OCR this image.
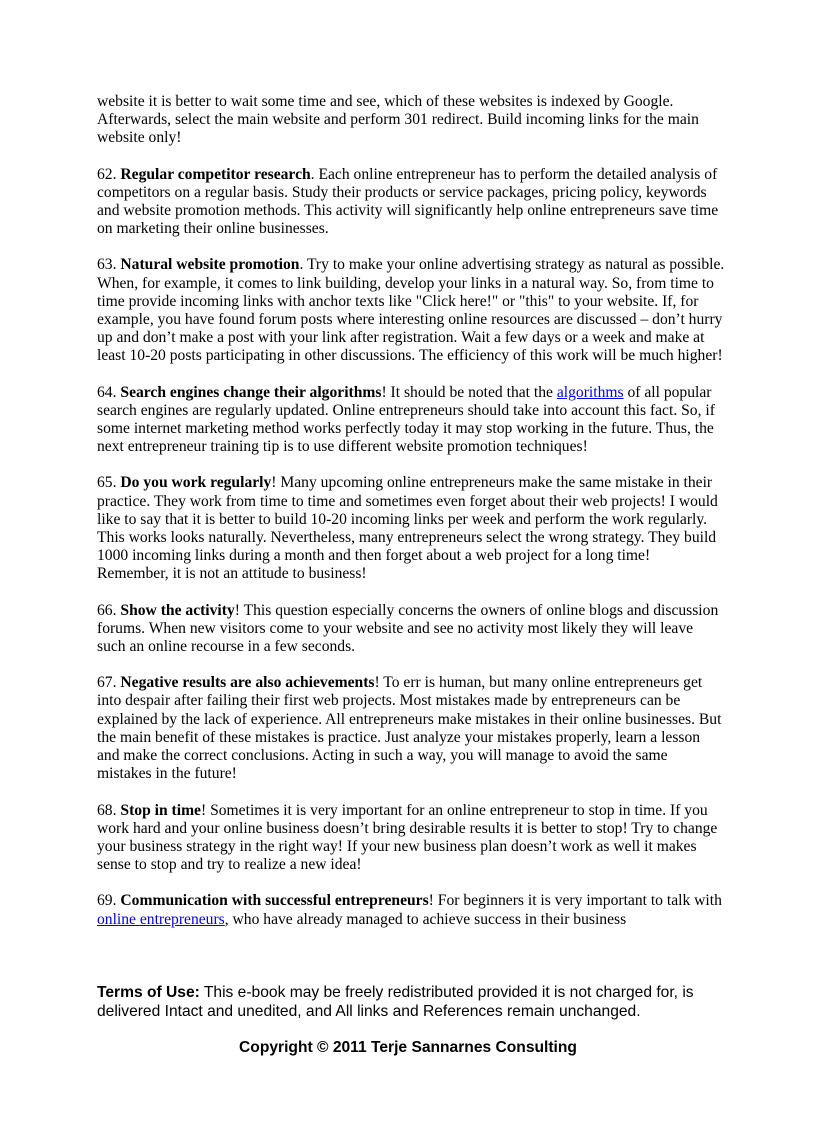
website it is better to wait some time and see, which of these websites is indexed by Google. Afterwards, select the main website and perform 301 redirect. Build incoming links for the main website only!

62. Regular competitor research. Each online entrepreneur has to perform the detailed analysis of competitors on a regular basis. Study their products or service packages, pricing policy, keywords and website promotion methods. This activity will significantly help online entrepreneurs save time on marketing their online businesses.

63. Natural website promotion. Try to make your online advertising strategy as natural as possible. When, for example, it comes to link building, develop your links in a natural way. So, from time to time provide incoming links with anchor texts like "Click here!" or "this" to your website. If, for example, you have found forum posts where interesting online resources are discussed – don’t hurry up and don’t make a post with your link after registration. Wait a few days or a week and make at least 10-20 posts participating in other discussions. The efficiency of this work will be much higher!

64. Search engines change their algorithms! It should be noted that the algorithms of all popular search engines are regularly updated. Online entrepreneurs should take into account this fact. So, if some internet marketing method works perfectly today it may stop working in the future. Thus, the next entrepreneur training tip is to use different website promotion techniques!

65. Do you work regularly! Many upcoming online entrepreneurs make the same mistake in their practice. They work from time to time and sometimes even forget about their web projects! I would like to say that it is better to build 10-20 incoming links per week and perform the work regularly. This works looks naturally. Nevertheless, many entrepreneurs select the wrong strategy. They build 1000 incoming links during a month and then forget about a web project for a long time! Remember, it is not an attitude to business!

66. Show the activity! This question especially concerns the owners of online blogs and discussion forums. When new visitors come to your website and see no activity most likely they will leave such an online recourse in a few seconds.

67. Negative results are also achievements! To err is human, but many online entrepreneurs get into despair after failing their first web projects. Most mistakes made by entrepreneurs can be explained by the lack of experience. All entrepreneurs make mistakes in their online businesses. But the main benefit of these mistakes is practice. Just analyze your mistakes properly, learn a lesson and make the correct conclusions. Acting in such a way, you will manage to avoid the same mistakes in the future!

68. Stop in time! Sometimes it is very important for an online entrepreneur to stop in time. If you work hard and your online business doesn’t bring desirable results it is better to stop! Try to change your business strategy in the right way! If your new business plan doesn’t work as well it makes sense to stop and try to realize a new idea!

69. Communication with successful entrepreneurs! For beginners it is very important to talk with online entrepreneurs, who have already managed to achieve success in their business

Terms of Use: This e-book may be freely redistributed provided it is not charged for, is delivered Intact and unedited, and All links and References remain unchanged.
Copyright © 2011 Terje Sannarnes Consulting
